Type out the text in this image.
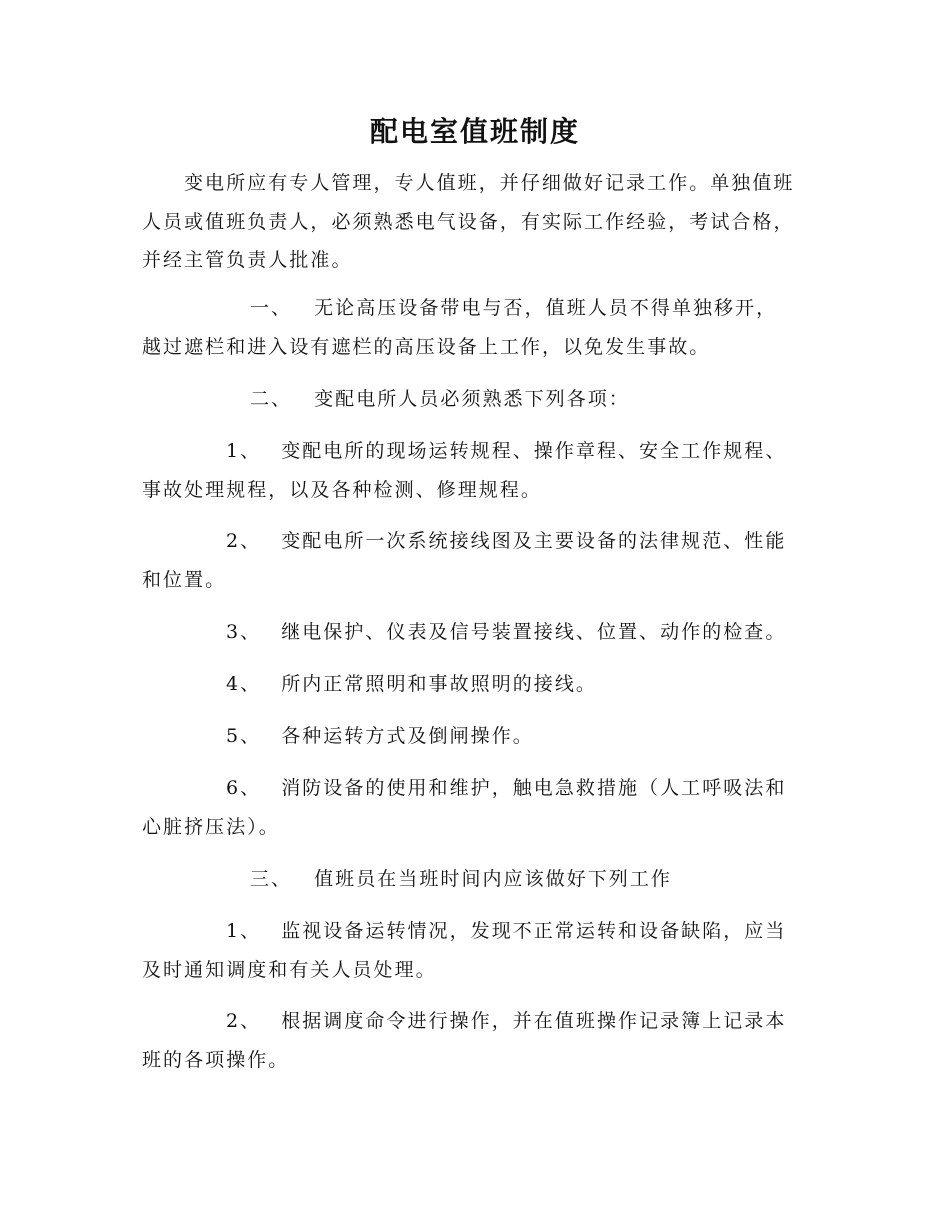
配电室值班制度

变电所应有专人管理，专人值班，并仔细做好记录工作。单独值班人员或值班负责人，必须熟悉电气设备，有实际工作经验，考试合格，并经主管负责人批准。

一、 无论高压设备带电与否，值班人员不得单独移开，越过遮栏和进入设有遮栏的高压设备上工作，以免发生事故。

二、 变配电所人员必须熟悉下列各项：

1、 变配电所的现场运转规程、操作章程、安全工作规程、事故处理规程，以及各种检测、修理规程。

2、 变配电所一次系统接线图及主要设备的法律规范、性能和位置。

3、 继电保护、仪表及信号装置接线、位置、动作的检查。

4、 所内正常照明和事故照明的接线。

5、 各种运转方式及倒闸操作。

6、 消防设备的使用和维护，触电急救措施（人工呼吸法和心脏挤压法）。

三、 值班员在当班时间内应该做好下列工作

1、 监视设备运转情况，发现不正常运转和设备缺陷，应当及时通知调度和有关人员处理。

2、 根据调度命令进行操作，并在值班操作记录簿上记录本班的各项操作。
